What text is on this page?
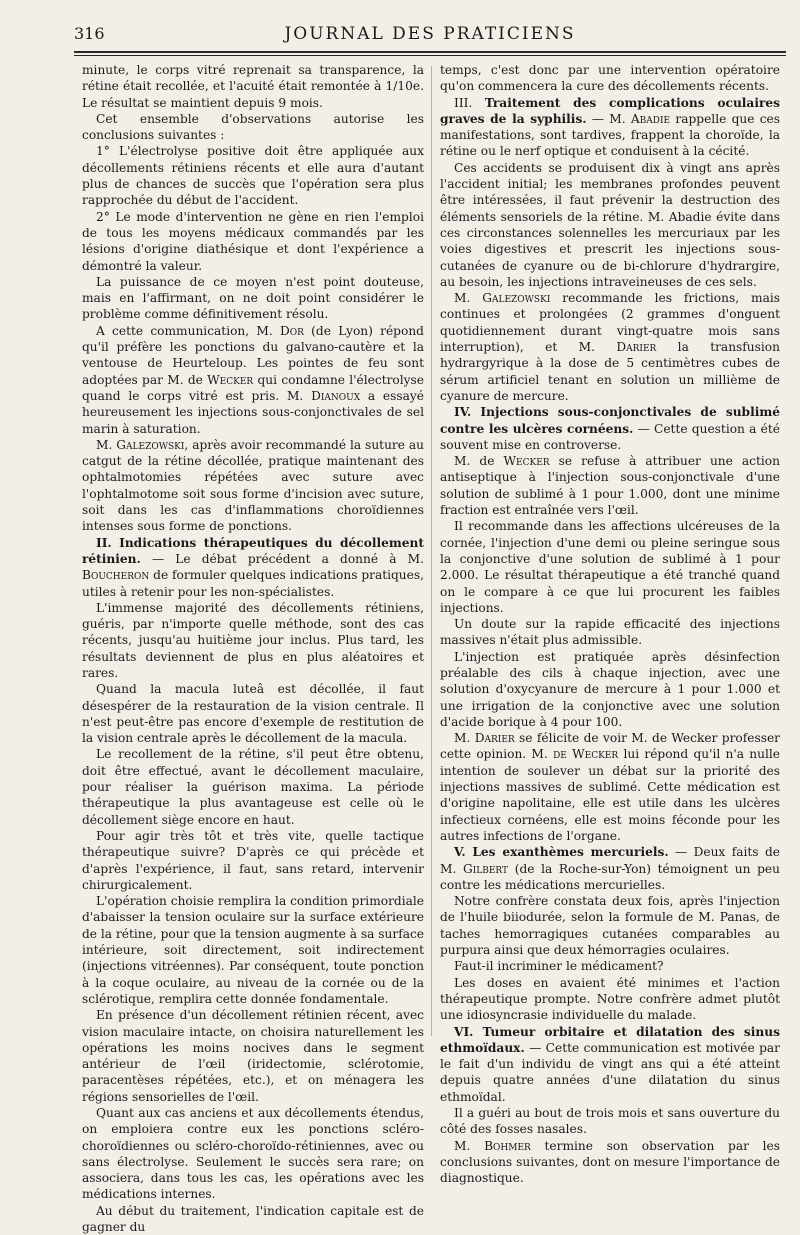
316	JOURNAL DES PRATICIENS

minute, le corps vitré reprenait sa transparence, la rétine était recollée, et l'acuité était remontée à 1/10e. Le résultat se maintient depuis 9 mois.

Cet ensemble d'observations autorise les conclusions suivantes :

1° L'électrolyse positive doit être appliquée aux décollements rétiniens récents et elle aura d'autant plus de chances de succès que l'opération sera plus rapprochée du début de l'accident.

2° Le mode d'intervention ne gène en rien l'emploi de tous les moyens médicaux commandés par les lésions d'origine diathésique et dont l'expérience a démontré la valeur.

La puissance de ce moyen n'est point douteuse, mais en l'affirmant, on ne doit point considérer le problème comme définitivement résolu.

A cette communication, M. Dor (de Lyon) répond qu'il préfère les ponctions du galvano-cautère et la ventouse de Heurteloup. Les pointes de feu sont adoptées par M. de Wecker qui condamne l'électrolyse quand le corps vitré est pris. M. Dianoux a essayé heureusement les injections sous-conjonctivales de sel marin à saturation.

M. Galezowski, après avoir recommandé la suture au catgut de la rétine décollée, pratique maintenant des ophtalmotomies répétées avec suture avec l'ophtalmotome soit sous forme d'incision avec suture, soit dans les cas d'inflammations choroïdiennes intenses sous forme de ponctions.

II. Indications thérapeutiques du décollement rétinien. — Le débat précédent a donné à M. Boucheron de formuler quelques indications pratiques, utiles à retenir pour les non-spécialistes.

L'immense majorité des décollements rétiniens, guéris, par n'importe quelle méthode, sont des cas récents, jusqu'au huitième jour inclus. Plus tard, les résultats deviennent de plus en plus aléatoires et rares.

Quand la macula luteâ est décollée, il faut désespérer de la restauration de la vision centrale. Il n'est peut-être pas encore d'exemple de restitution de la vision centrale après le décollement de la macula.

Le recollement de la rétine, s'il peut être obtenu, doit être effectué, avant le décollement maculaire, pour réaliser la guérison maxima. La période thérapeutique la plus avantageuse est celle où le décollement siège encore en haut.

Pour agir très tôt et très vite, quelle tactique thérapeutique suivre? D'après ce qui précède et d'après l'expérience, il faut, sans retard, intervenir chirurgicalement.

L'opération choisie remplira la condition primordiale d'abaisser la tension oculaire sur la surface extérieure de la rétine, pour que la tension augmente à sa surface intérieure, soit directement, soit indirectement (injections vitréennes). Par conséquent, toute ponction à la coque oculaire, au niveau de la cornée ou de la sclérotique, remplira cette donnée fondamentale.

En présence d'un décollement rétinien récent, avec vision maculaire intacte, on choisira naturellement les opérations les moins nocives dans le segment antérieur de l'œil (iridectomie, sclérotomie, paracentèses répétées, etc.), et on ménagera les régions sensorielles de l'œil.

Quant aux cas anciens et aux décollements étendus, on emploiera contre eux les ponctions scléro-choroïdiennes ou scléro-choroïdo-rétiniennes, avec ou sans électrolyse. Seulement le succès sera rare; on associera, dans tous les cas, les opérations avec les médications internes.

Au début du traitement, l'indication capitale est de gagner du

temps, c'est donc par une intervention opératoire qu'on commencera la cure des décollements récents.

III. Traitement des complications oculaires graves de la syphilis. — M. Abadie rappelle que ces manifestations, sont tardives, frappent la choroïde, la rétine ou le nerf optique et conduisent à la cécité.

Ces accidents se produisent dix à vingt ans après l'accident initial; les membranes profondes peuvent être intéressées, il faut prévenir la destruction des éléments sensoriels de la rétine. M. Abadie évite dans ces circonstances solennelles les mercuriaux par les voies digestives et prescrit les injections sous-cutanées de cyanure ou de bi-chlorure d'hydrargire, au besoin, les injections intraveineuses de ces sels.

M. Galezowski recommande les frictions, mais continues et prolongées (2 grammes d'onguent quotidiennement durant vingt-quatre mois sans interruption), et M. Darier la transfusion hydrargyrique à la dose de 5 centimètres cubes de sérum artificiel tenant en solution un millième de cyanure de mercure.

IV. Injections sous-conjonctivales de sublimé contre les ulcères cornéens. — Cette question a été souvent mise en controverse.

M. de Wecker se refuse à attribuer une action antiseptique à l'injection sous-conjonctivale d'une solution de sublimé à 1 pour 1.000, dont une minime fraction est entraînée vers l'œil.

Il recommande dans les affections ulcéreuses de la cornée, l'injection d'une demi ou pleine seringue sous la conjonctive d'une solution de sublimé à 1 pour 2.000. Le résultat thérapeutique a été tranché quand on le compare à ce que lui procurent les faibles injections.

Un doute sur la rapide efficacité des injections massives n'était plus admissible.

L'injection est pratiquée après désinfection préalable des cils à chaque injection, avec une solution d'oxycyanure de mercure à 1 pour 1.000 et une irrigation de la conjonctive avec une solution d'acide borique à 4 pour 100.

M. Darier se félicite de voir M. de Wecker professer cette opinion. M. de Wecker lui répond qu'il n'a nulle intention de soulever un débat sur la priorité des injections massives de sublimé. Cette médication est d'origine napolitaine, elle est utile dans les ulcères infectieux cornéens, elle est moins féconde pour les autres infections de l'organe.

V. Les exanthèmes mercuriels. — Deux faits de M. Gilbert (de la Roche-sur-Yon) témoignent un peu contre les médications mercurielles.

Notre confrère constata deux fois, après l'injection de l'huile biiodurée, selon la formule de M. Panas, de taches hemorragiques cutanées comparables au purpura ainsi que deux hémorragies oculaires.

Faut-il incriminer le médicament?

Les doses en avaient été minimes et l'action thérapeutique prompte. Notre confrère admet plutôt une idiosyncrasie individuelle du malade.

VI. Tumeur orbitaire et dilatation des sinus ethmoïdaux. — Cette communication est motivée par le fait d'un individu de vingt ans qui a été atteint depuis quatre années d'une dilatation du sinus ethmoïdal.

Il a guéri au bout de trois mois et sans ouverture du côté des fosses nasales.

M. Bohmer termine son observation par les conclusions suivantes, dont on mesure l'importance de diagnostique.
